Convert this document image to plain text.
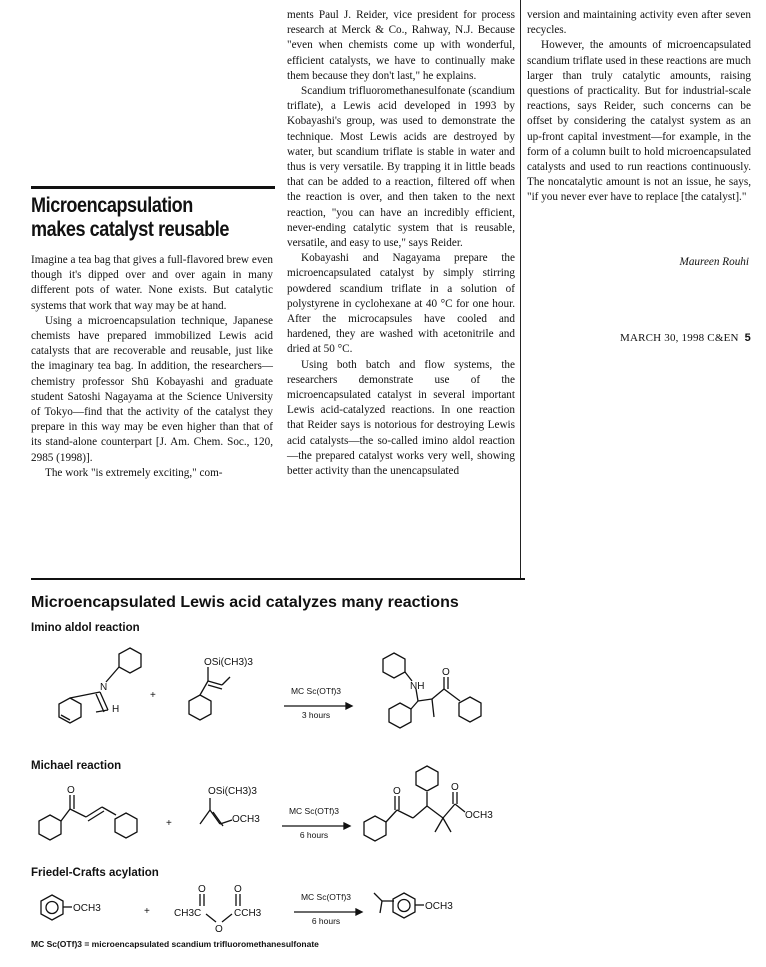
Microencapsulation
makes catalyst reusable

Imagine a tea bag that gives a full-flavored brew even though it's dipped over and over again in many different pots of water. None exists. But catalytic systems that work that way may be at hand.

Using a microencapsulation technique, Japanese chemists have prepared immobilized Lewis acid catalysts that are recoverable and reusable, just like the imaginary tea bag. In addition, the researchers—chemistry professor Shū Kobayashi and graduate student Satoshi Nagayama at the Science University of Tokyo—find that the activity of the catalyst they prepare in this way may be even higher than that of its stand-alone counterpart [J. Am. Chem. Soc., 120, 2985 (1998)].

The work "is extremely exciting," com-

ments Paul J. Reider, vice president for process research at Merck & Co., Rahway, N.J. Because "even when chemists come up with wonderful, efficient catalysts, we have to continually make them because they don't last," he explains.

Scandium trifluoromethanesulfonate (scandium triflate), a Lewis acid developed in 1993 by Kobayashi's group, was used to demonstrate the technique. Most Lewis acids are destroyed by water, but scandium triflate is stable in water and thus is very versatile. By trapping it in little beads that can be added to a reaction, filtered off when the reaction is over, and then taken to the next reaction, "you can have an incredibly efficient, never-ending catalytic system that is reusable, versatile, and easy to use," says Reider.

Kobayashi and Nagayama prepare the microencapsulated catalyst by simply stirring powdered scandium triflate in a solution of polystyrene in cyclohexane at 40 °C for one hour. After the microcapsules have cooled and hardened, they are washed with acetonitrile and dried at 50 °C.

Using both batch and flow systems, the researchers demonstrate use of the microencapsulated catalyst in several important Lewis acid-catalyzed reactions. In one reaction that Reider says is notorious for destroying Lewis acid catalysts—the so-called imino aldol reaction—the prepared catalyst works very well, showing better activity than the unencapsulated

version and maintaining activity even after seven recycles.

However, the amounts of microencapsulated scandium triflate used in these reactions are much larger than truly catalytic amounts, raising questions of practicality. But for industrial-scale reactions, says Reider, such concerns can be offset by considering the catalyst system as an up-front capital investment—for example, in the form of a column built to hold microencapsulated catalysts and used to run reactions continuously. The noncatalytic amount is not an issue, he says, "if you never ever have to replace [the catalyst]."

Maureen Rouhi
MARCH 30, 1998 C&EN 5
Microencapsulated Lewis acid catalyzes many reactions
Imino aldol reaction
N
H
+
OSi(CH3)3
MC Sc(OTf)3
3 hours
NH
O
Michael reaction
O
+
OSi(CH3)3
OCH3
MC Sc(OTf)3
6 hours
O	O
OCH3
Friedel-Crafts acylation
OCH3	+
O	O
CH3C
O
CCH3
MC Sc(OTf)3
6 hours
OCH3
MC Sc(OTf)3 = microencapsulated scandium trifluoromethanesulfonate
